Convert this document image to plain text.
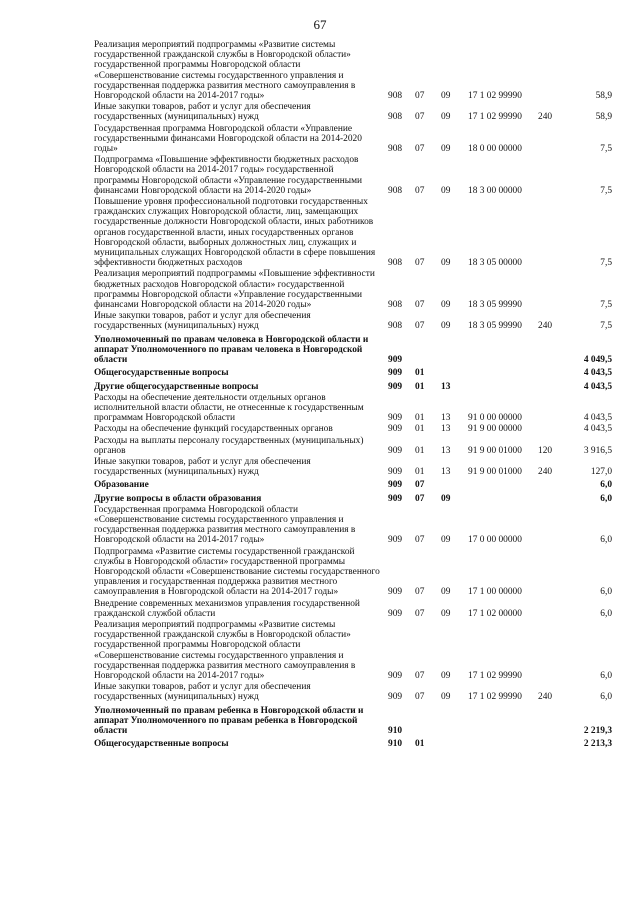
67
Реализация мероприятий подпрограммы «Развитие системы государственной гражданской службы в Новгородской области» государственной программы Новгородской области «Совершенствование системы государственного управления и государственная поддержка развития местного самоуправления в Новгородской области на 2014-2017 годы»	908	07	09	17 1 02 99990		58,9
Иные закупки товаров, работ и услуг для обеспечения государственных (муниципальных) нужд	908	07	09	17 1 02 99990	240	58,9
Государственная программа Новгородской области «Управление государственными финансами Новгородской области на 2014-2020 годы»	908	07	09	18 0 00 00000		7,5
Подпрограмма «Повышение эффективности бюджетных расходов Новгородской области на 2014-2017 годы» государственной программы Новгородской области «Управление государственными финансами Новгородской области на 2014-2020 годы»	908	07	09	18 3 00 00000		7,5
Повышение уровня профессиональной подготовки государственных гражданских служащих Новгородской области, лиц, замещающих государственные должности Новгородской области, иных работников органов государственной власти, иных государственных органов Новгородской области, выборных должностных лиц, служащих и муниципальных служащих Новгородской области в сфере повышения эффективности бюджетных расходов	908	07	09	18 3 05 00000		7,5
Реализация мероприятий подпрограммы «Повышение эффективности бюджетных расходов Новгородской области» государственной программы Новгородской области «Управление государственными финансами Новгородской области на 2014-2020 годы»	908	07	09	18 3 05 99990		7,5
Иные закупки товаров, работ и услуг для обеспечения государственных (муниципальных) нужд	908	07	09	18 3 05 99990	240	7,5
Уполномоченный по правам человека в Новгородской области и аппарат Уполномоченного по правам человека в Новгородской области	909					4 049,5
Общегосударственные вопросы	909	01				4 043,5
Другие общегосударственные вопросы	909	01	13			4 043,5
Расходы на обеспечение деятельности отдельных органов исполнительной власти области, не отнесенные к государственным программам Новгородской области	909	01	13	91 0 00 00000		4 043,5
Расходы на обеспечение функций государственных органов	909	01	13	91 9 00 00000		4 043,5
Расходы на выплаты персоналу государственных (муниципальных) органов	909	01	13	91 9 00 01000	120	3 916,5
Иные закупки товаров, работ и услуг для обеспечения государственных (муниципальных) нужд	909	01	13	91 9 00 01000	240	127,0
Образование	909	07				6,0
Другие вопросы в области образования	909	07	09			6,0
Государственная программа Новгородской области «Совершенствование системы государственного управления и государственная поддержка развития местного самоуправления в Новгородской области на 2014-2017 годы»	909	07	09	17 0 00 00000		6,0
Подпрограмма «Развитие системы государственной гражданской службы в Новгородской области» государственной программы Новгородской области «Совершенствование системы государственного управления и государственная поддержка развития местного самоуправления в Новгородской области на 2014-2017 годы»	909	07	09	17 1 00 00000		6,0
Внедрение современных механизмов управления государственной гражданской службой области	909	07	09	17 1 02 00000		6,0
Реализация мероприятий подпрограммы «Развитие системы государственной гражданской службы в Новгородской области» государственной программы Новгородской области «Совершенствование системы государственного управления и государственная поддержка развития местного самоуправления в Новгородской области на 2014-2017 годы»	909	07	09	17 1 02 99990		6,0
Иные закупки товаров, работ и услуг для обеспечения государственных (муниципальных) нужд	909	07	09	17 1 02 99990	240	6,0
Уполномоченный по правам ребенка в Новгородской области и аппарат Уполномоченного по правам ребенка в Новгородской области	910					2 219,3
Общегосударственные вопросы	910	01				2 213,3
